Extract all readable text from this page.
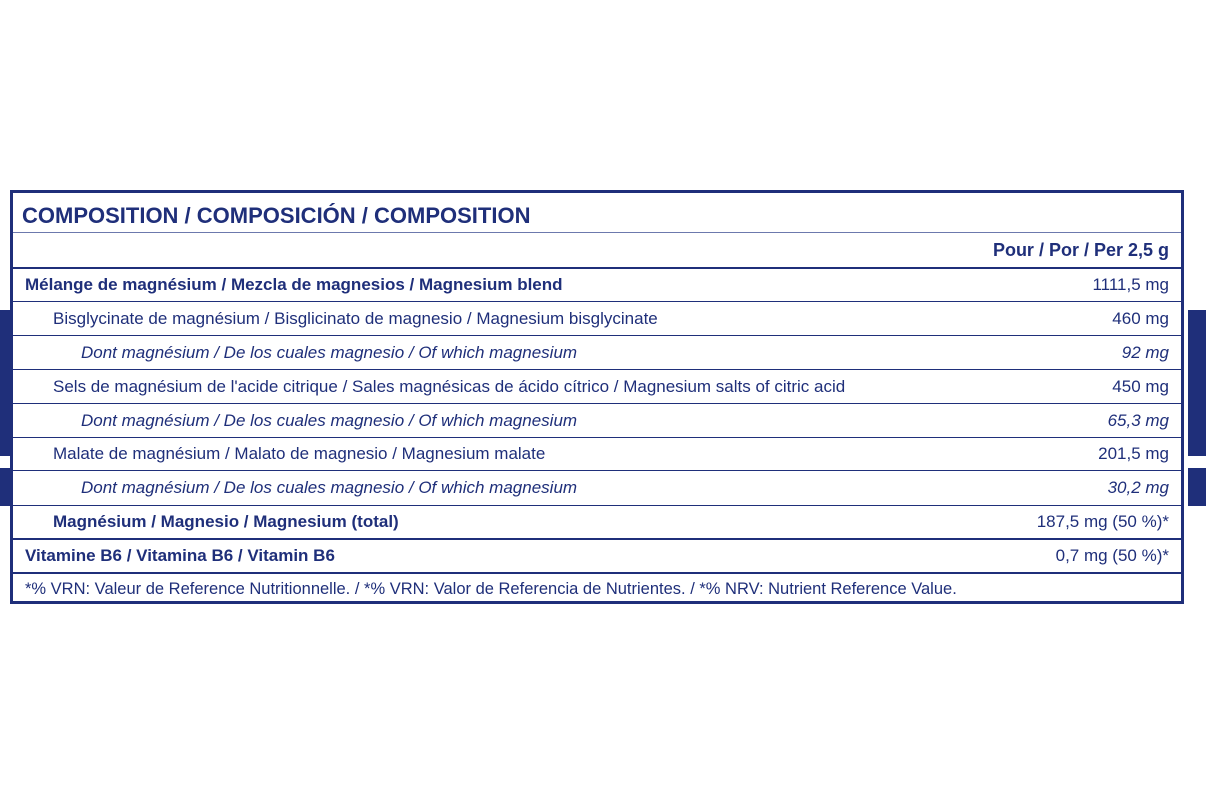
COMPOSITION / COMPOSICIÓN / COMPOSITION
Pour / Por / Per 2,5 g
Mélange de magnésium / Mezcla de magnesios / Magnesium blend	1111,5 mg
Bisglycinate de magnésium / Bisglicinato de magnesio / Magnesium bisglycinate	460 mg
Dont magnésium / De los cuales magnesio / Of which magnesium	92 mg
Sels de magnésium de l'acide citrique / Sales magnésicas de ácido cítrico / Magnesium salts of citric acid	450 mg
Dont magnésium / De los cuales magnesio / Of which magnesium	65,3 mg
Malate de magnésium / Malato de magnesio / Magnesium malate	201,5 mg
Dont magnésium / De los cuales magnesio / Of which magnesium	30,2 mg
Magnésium / Magnesio / Magnesium (total)	187,5 mg (50 %)*
Vitamine B6 / Vitamina B6 / Vitamin B6	0,7 mg (50 %)*
*% VRN: Valeur de Reference Nutritionnelle. / *% VRN: Valor de Referencia de Nutrientes. / *% NRV: Nutrient Reference Value.
